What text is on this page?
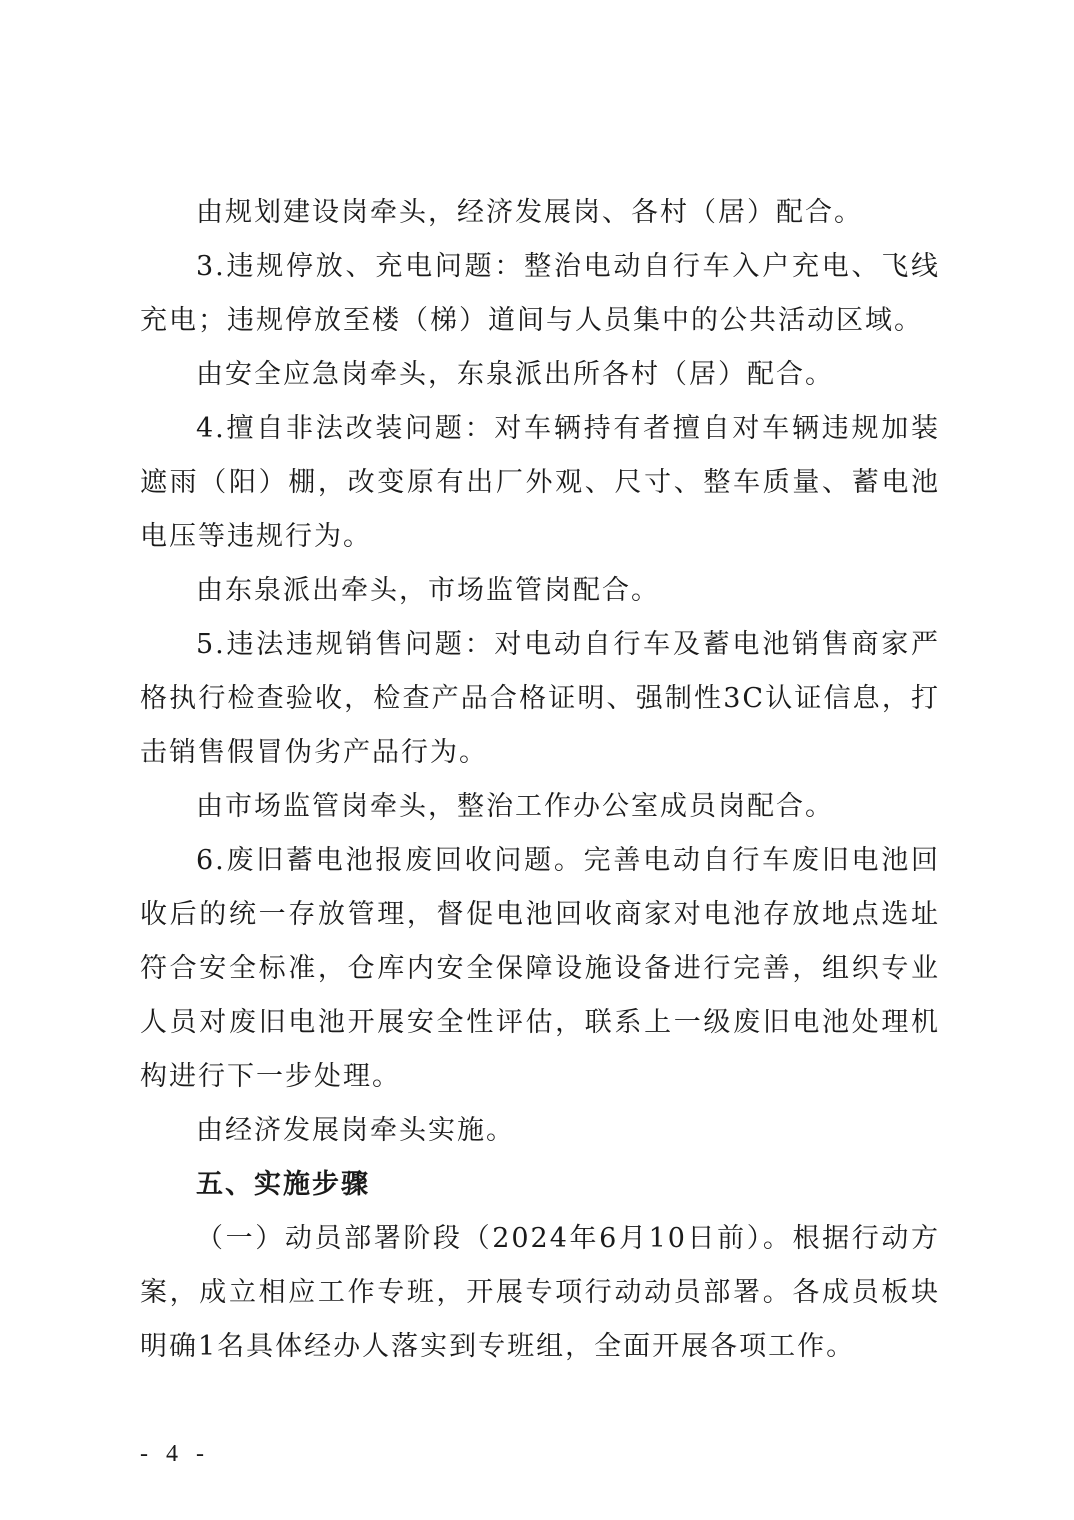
由规划建设岗牵头，经济发展岗、各村（居）配合。

3.违规停放、充电问题：整治电动自行车入户充电、飞线充电；违规停放至楼（梯）道间与人员集中的公共活动区域。

由安全应急岗牵头，东泉派出所各村（居）配合。

4.擅自非法改装问题：对车辆持有者擅自对车辆违规加装遮雨（阳）棚，改变原有出厂外观、尺寸、整车质量、蓄电池电压等违规行为。

由东泉派出牵头，市场监管岗配合。

5.违法违规销售问题：对电动自行车及蓄电池销售商家严格执行检查验收，检查产品合格证明、强制性3C认证信息，打击销售假冒伪劣产品行为。

由市场监管岗牵头，整治工作办公室成员岗配合。

6.废旧蓄电池报废回收问题。完善电动自行车废旧电池回收后的统一存放管理，督促电池回收商家对电池存放地点选址符合安全标准，仓库内安全保障设施设备进行完善，组织专业人员对废旧电池开展安全性评估，联系上一级废旧电池处理机构进行下一步处理。

由经济发展岗牵头实施。

五、实施步骤

（一）动员部署阶段（2024年6月10日前）。根据行动方案，成立相应工作专班，开展专项行动动员部署。各成员板块明确1名具体经办人落实到专班组，全面开展各项工作。

- 4 -
